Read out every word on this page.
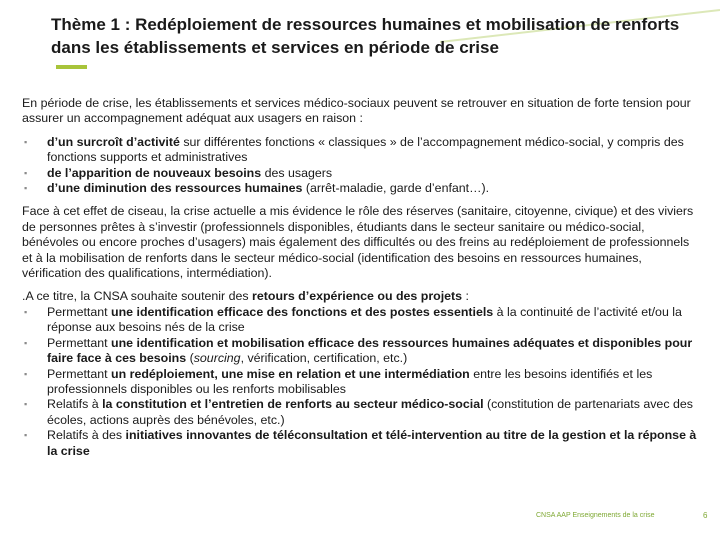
Thème 1 : Redéploiement de ressources humaines et mobilisation de renforts dans les établissements et services en période de crise

En période de crise, les établissements et services médico-sociaux peuvent se retrouver en situation de forte tension pour assurer un accompagnement adéquat aux usagers en raison :

▪ d’un surcroît d’activité sur différentes fonctions « classiques » de l’accompagnement médico-social, y compris des fonctions supports et administratives
▪ de l’apparition de nouveaux besoins des usagers
▪ d’une diminution des ressources humaines (arrêt-maladie, garde d’enfant…).

Face à cet effet de ciseau, la crise actuelle a mis évidence le rôle des réserves (sanitaire, citoyenne, civique) et des viviers de personnes prêtes à s’investir (professionnels disponibles, étudiants dans le secteur sanitaire ou médico-social, bénévoles ou encore proches d’usagers) mais également des difficultés ou des freins au redéploiement de professionnels et à la mobilisation de renforts dans le secteur médico-social (identification des besoins en ressources humaines, vérification des qualifications, intermédiation).

.A ce titre, la CNSA souhaite soutenir des retours d’expérience ou des projets :

▪ Permettant une identification efficace des fonctions et des postes essentiels à la continuité de l’activité et/ou la réponse aux besoins nés de la crise
▪ Permettant une identification et mobilisation efficace des ressources humaines adéquates et disponibles pour faire face à ces besoins (sourcing, vérification, certification, etc.)
▪ Permettant un redéploiement, une mise en relation et une intermédiation entre les besoins identifiés et les professionnels disponibles ou les renforts mobilisables
▪ Relatifs à la constitution et l’entretien de renforts au secteur médico-social (constitution de partenariats avec des écoles, actions auprès des bénévoles, etc.)
▪ Relatifs à des initiatives innovantes de téléconsultation et télé-intervention au titre de la gestion et la réponse à la crise
CNSA AAP Enseignements de la crise	6
